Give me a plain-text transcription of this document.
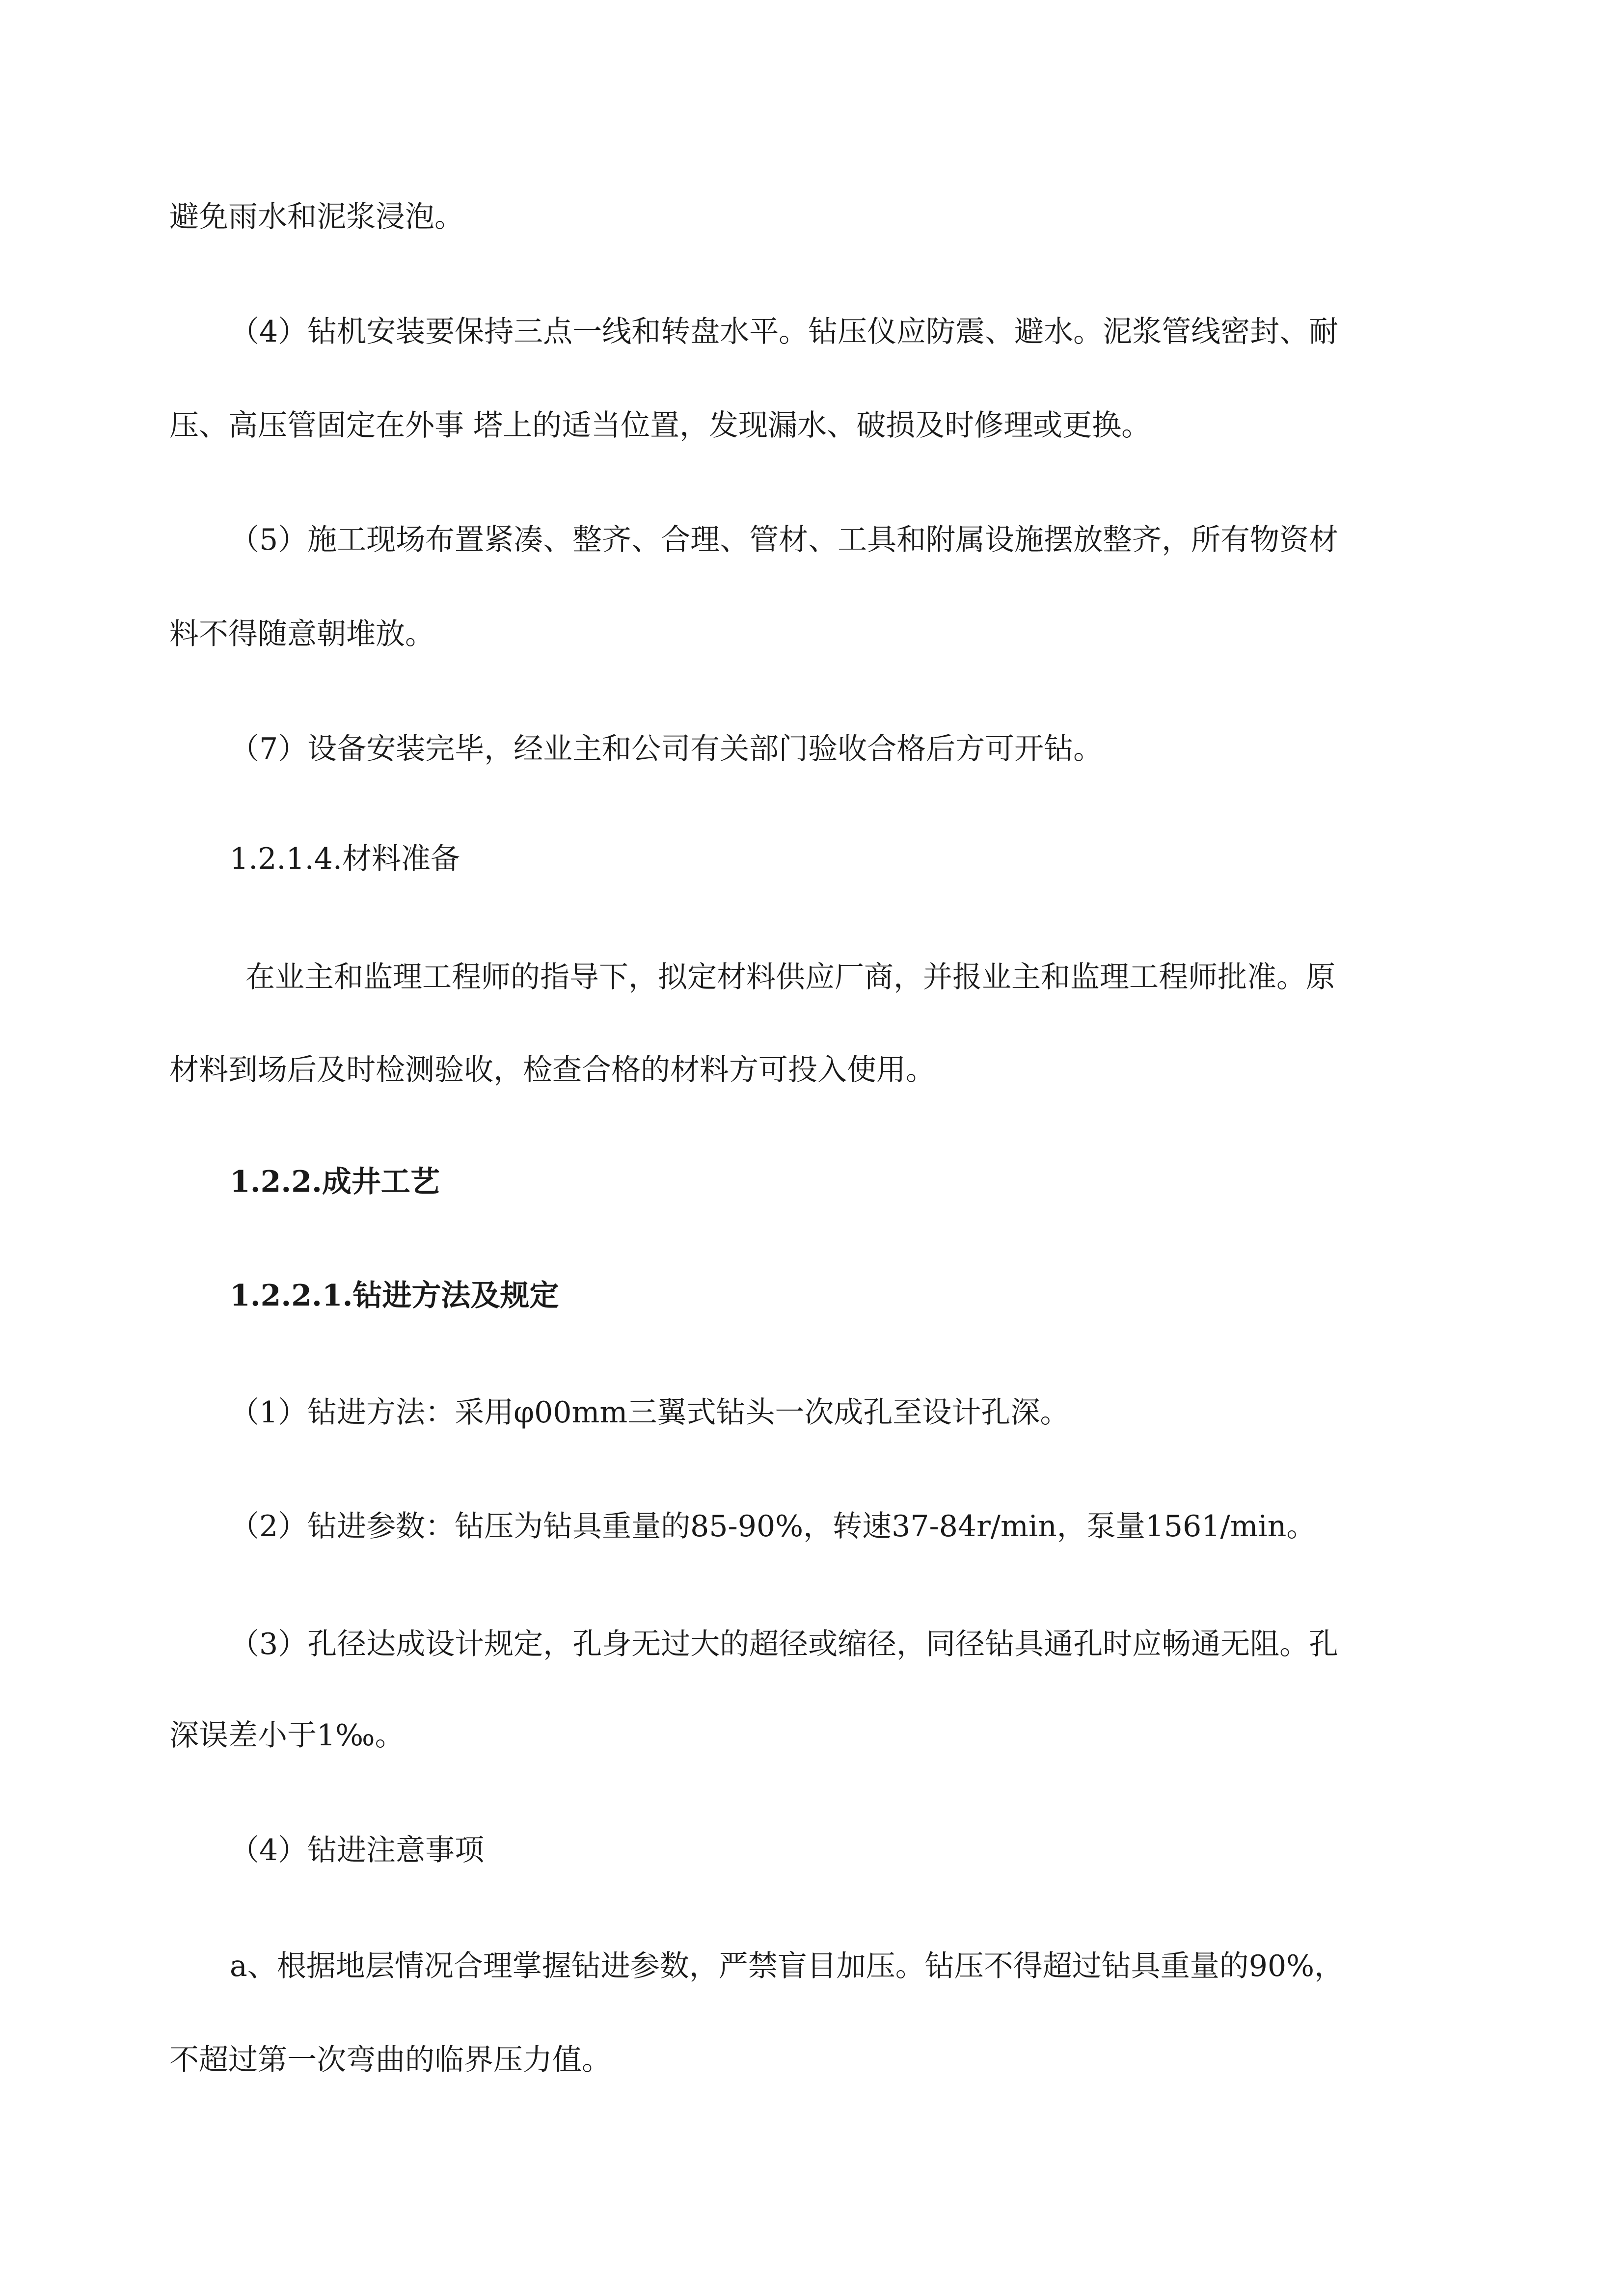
避免雨水和泥浆浸泡。
（4）钻机安装要保持三点一线和转盘水平。钻压仪应防震、避水。泥浆管线密封、耐
压、高压管固定在外事 塔上的适当位置，发现漏水、破损及时修理或更换。
（5）施工现场布置紧凑、整齐、合理、管材、工具和附属设施摆放整齐，所有物资材
料不得随意朝堆放。
（7）设备安装完毕，经业主和公司有关部门验收合格后方可开钻。
1.2.1.4.材料准备
在业主和监理工程师的指导下，拟定材料供应厂商，并报业主和监理工程师批准。原
材料到场后及时检测验收，检查合格的材料方可投入使用。
1.2.2.成井工艺
1.2.2.1.钻进方法及规定
（1）钻进方法：采用φ00mm三翼式钻头一次成孔至设计孔深。
（2）钻进参数：钻压为钻具重量的85-90%，转速37-84r/min，泵量1561/min。
（3）孔径达成设计规定，孔身无过大的超径或缩径，同径钻具通孔时应畅通无阻。孔
深误差小于1‰。
（4）钻进注意事项
a、根据地层情况合理掌握钻进参数，严禁盲目加压。钻压不得超过钻具重量的90%，
不超过第一次弯曲的临界压力值。
